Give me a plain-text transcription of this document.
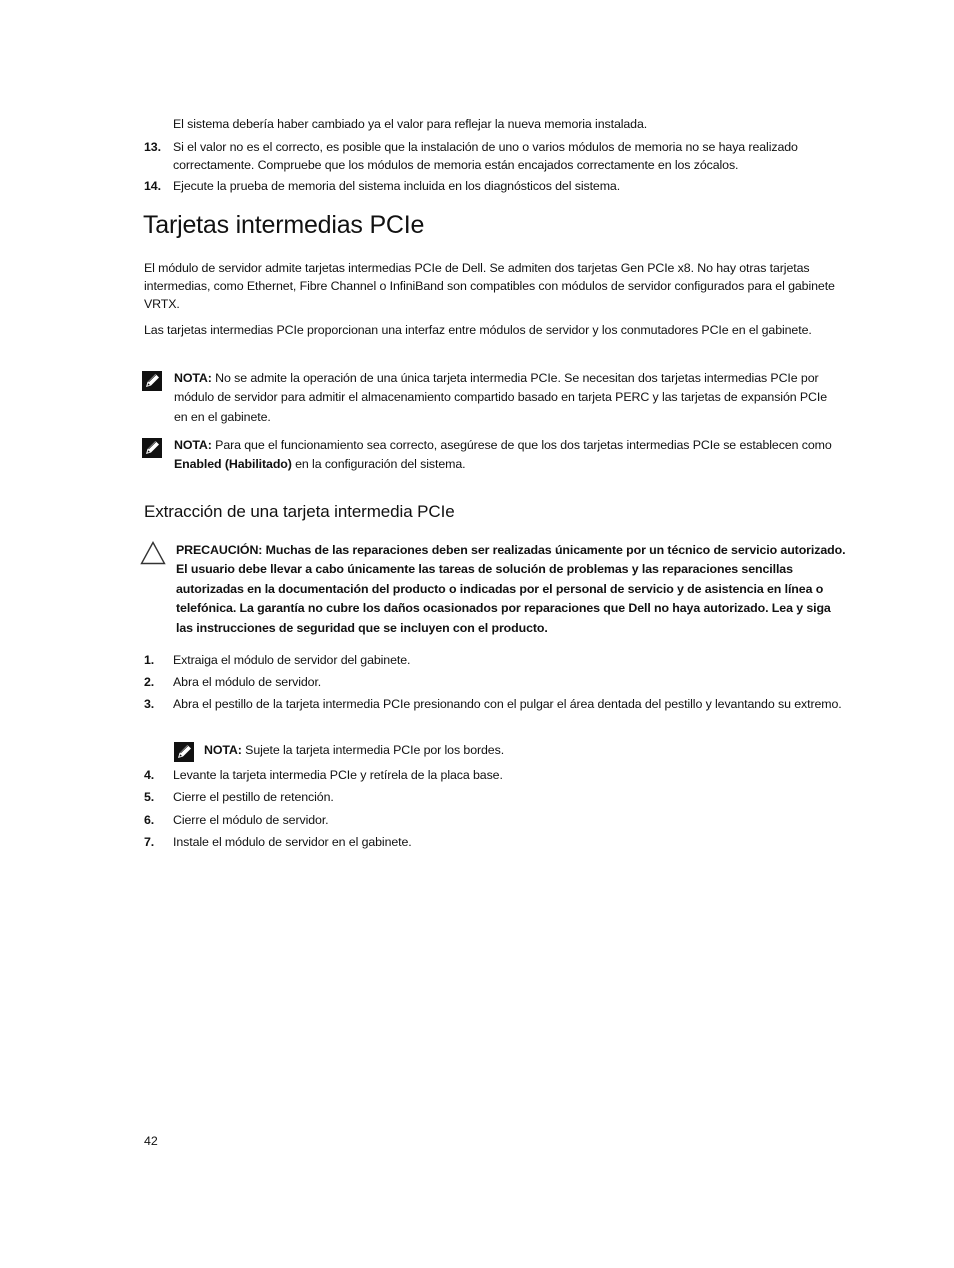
El sistema debería haber cambiado ya el valor para reflejar la nueva memoria instalada.
13. Si el valor no es el correcto, es posible que la instalación de uno o varios módulos de memoria no se haya realizado correctamente. Compruebe que los módulos de memoria están encajados correctamente en los zócalos.
14. Ejecute la prueba de memoria del sistema incluida en los diagnósticos del sistema.
Tarjetas intermedias PCIe
El módulo de servidor admite tarjetas intermedias PCIe de Dell. Se admiten dos tarjetas Gen PCIe x8. No hay otras tarjetas intermedias, como Ethernet, Fibre Channel o InfiniBand son compatibles con módulos de servidor configurados para el gabinete VRTX.
Las tarjetas intermedias PCIe proporcionan una interfaz entre módulos de servidor y los conmutadores PCIe en el gabinete.
NOTA: No se admite la operación de una única tarjeta intermedia PCIe. Se necesitan dos tarjetas intermedias PCIe por módulo de servidor para admitir el almacenamiento compartido basado en tarjeta PERC y las tarjetas de expansión PCIe en en el gabinete.
NOTA: Para que el funcionamiento sea correcto, asegúrese de que los dos tarjetas intermedias PCIe se establecen como Enabled (Habilitado) en la configuración del sistema.
Extracción de una tarjeta intermedia PCIe
PRECAUCIÓN: Muchas de las reparaciones deben ser realizadas únicamente por un técnico de servicio autorizado. El usuario debe llevar a cabo únicamente las tareas de solución de problemas y las reparaciones sencillas autorizadas en la documentación del producto o indicadas por el personal de servicio y de asistencia en línea o telefónica. La garantía no cubre los daños ocasionados por reparaciones que Dell no haya autorizado. Lea y siga las instrucciones de seguridad que se incluyen con el producto.
1.	Extraiga el módulo de servidor del gabinete.
2.	Abra el módulo de servidor.
3.	Abra el pestillo de la tarjeta intermedia PCIe presionando con el pulgar el área dentada del pestillo y levantando su extremo.
NOTA: Sujete la tarjeta intermedia PCIe por los bordes.
4.	Levante la tarjeta intermedia PCIe y retírela de la placa base.
5.	Cierre el pestillo de retención.
6.	Cierre el módulo de servidor.
7.	Instale el módulo de servidor en el gabinete.
42
